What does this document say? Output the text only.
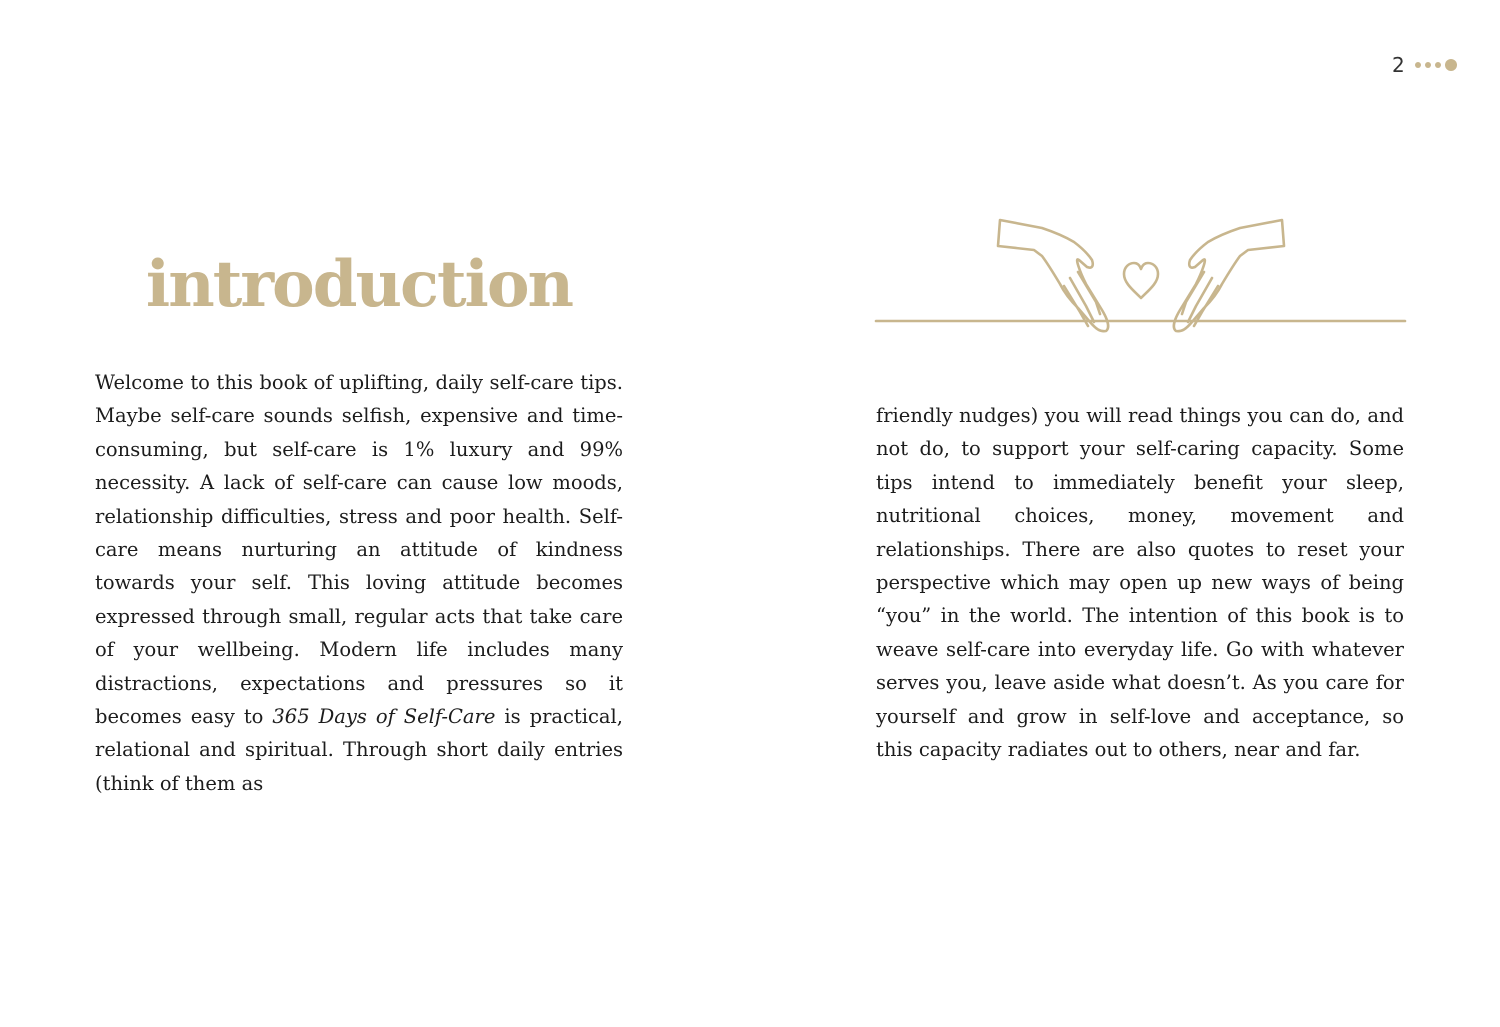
2
introduction

Welcome to this book of uplifting, daily self-care tips. Maybe self-care sounds selfish, expensive and time-consuming, but self-care is 1% luxury and 99% necessity. A lack of self-care can cause low moods, relationship difficulties, stress and poor health. Self-care means nurturing an attitude of kindness towards your self. This loving attitude becomes expressed through small, regular acts that take care of your wellbeing. Modern life includes many distractions, expectations and pressures so it becomes easy to 365 Days of Self-Care is practical, relational and spiritual. Through short daily entries (think of them as

friendly nudges) you will read things you can do, and not do, to support your self-caring capacity. Some tips intend to immediately benefit your sleep, nutritional choices, money, movement and relationships. There are also quotes to reset your perspective which may open up new ways of being “you” in the world. The intention of this book is to weave self-care into everyday life. Go with whatever serves you, leave aside what doesn’t. As you care for yourself and grow in self-love and acceptance, so this capacity radiates out to others, near and far.
